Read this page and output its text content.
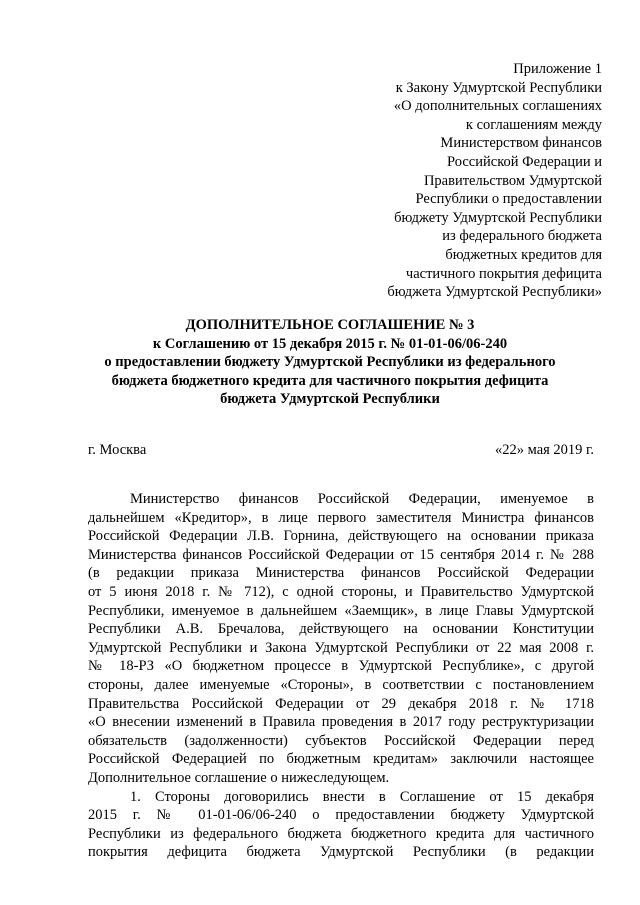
Приложение 1
к Закону Удмуртской Республики
«О дополнительных соглашениях
к соглашениям между
Министерством финансов
Российской Федерации и
Правительством Удмуртской
Республики о предоставлении
бюджету Удмуртской Республики
из федерального бюджета
бюджетных кредитов для
частичного покрытия дефицита
бюджета Удмуртской Республики»
ДОПОЛНИТЕЛЬНОЕ СОГЛАШЕНИЕ № 3
к Соглашению от 15 декабря 2015 г. № 01-01-06/06-240
о предоставлении бюджету Удмуртской Республики из федерального
бюджета бюджетного кредита для частичного покрытия дефицита
бюджета Удмуртской Республики
г. Москва	«22» мая 2019 г.
Министерство финансов Российской Федерации, именуемое в
дальнейшем «Кредитор», в лице первого заместителя Министра финансов
Российской Федерации Л.В. Горнина, действующего на основании приказа
Министерства финансов Российской Федерации от 15 сентября 2014 г. № 288
(в редакции приказа Министерства финансов Российской Федерации
от 5 июня 2018 г. № 712), с одной стороны, и Правительство Удмуртской
Республики, именуемое в дальнейшем «Заемщик», в лице Главы Удмуртской
Республики А.В. Бречалова, действующего на основании Конституции
Удмуртской Республики и Закона Удмуртской Республики от 22 мая 2008 г.
№ 18-РЗ «О бюджетном процессе в Удмуртской Республике», с другой
стороны, далее именуемые «Стороны», в соответствии с постановлением
Правительства Российской Федерации от 29 декабря 2018 г. № 1718
«О внесении изменений в Правила проведения в 2017 году реструктуризации
обязательств (задолженности) субъектов Российской Федерации перед
Российской Федерацией по бюджетным кредитам» заключили настоящее
Дополнительное соглашение о нижеследующем.
1. Стороны договорились внести в Соглашение от 15 декабря
2015 г. № 01-01-06/06-240 о предоставлении бюджету Удмуртской
Республики из федерального бюджета бюджетного кредита для частичного
покрытия дефицита бюджета Удмуртской Республики (в редакции
